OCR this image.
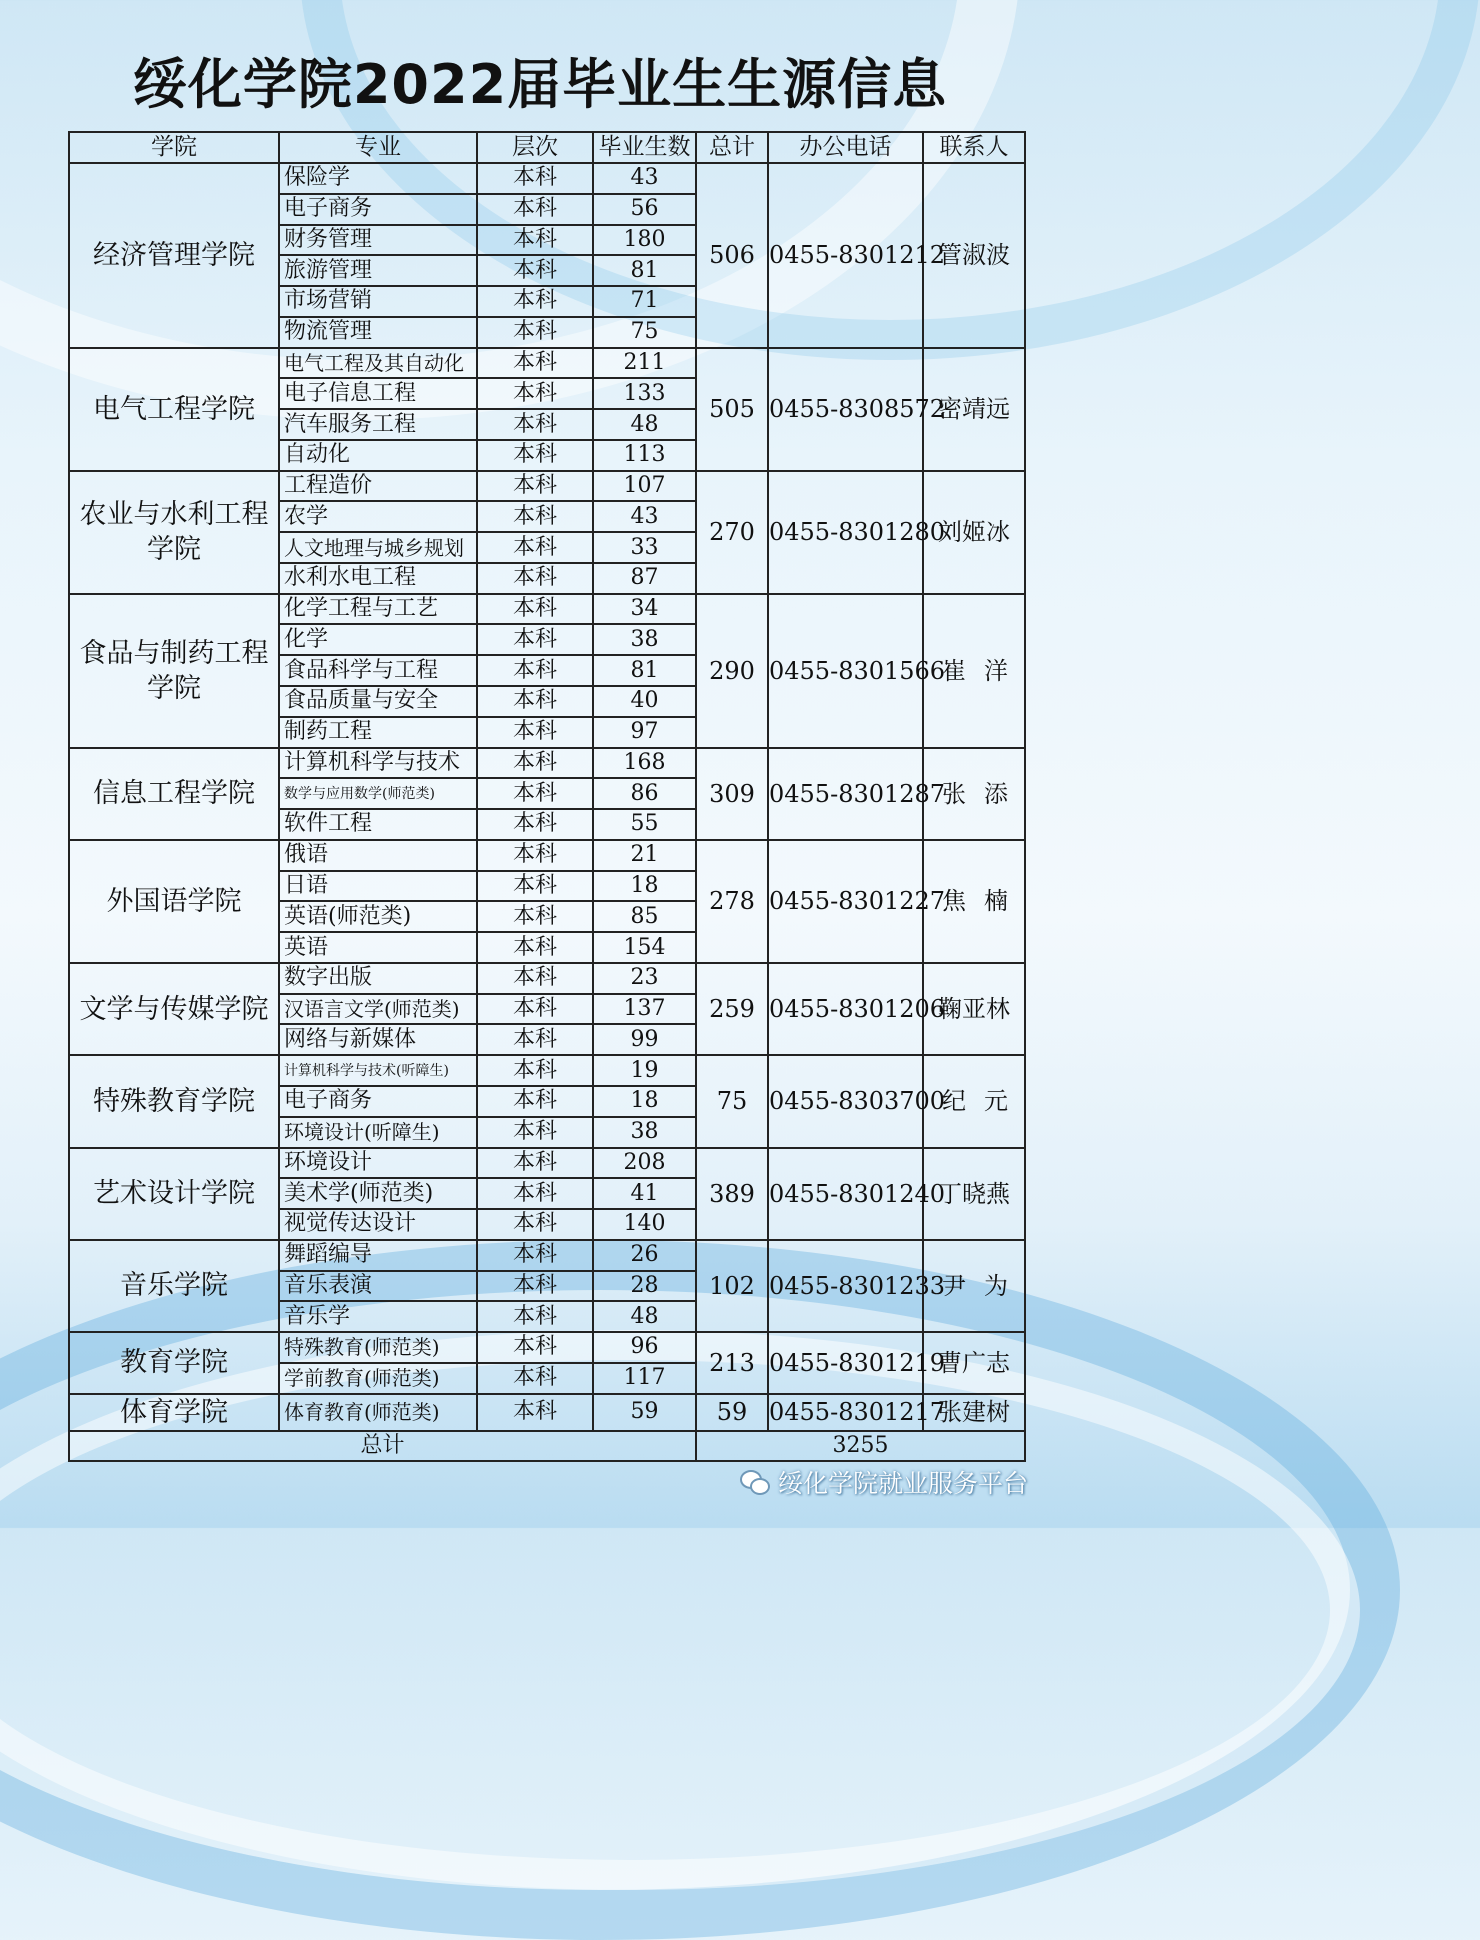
绥化学院2022届毕业生生源信息
学院	专业	层次	毕业生数	总计	办公电话	联系人
经济管理学院	保险学	本科	43	506	0455-8301212	管淑波
	电子商务	本科	56			
	财务管理	本科	180			
	旅游管理	本科	81			
	市场营销	本科	71			
	物流管理	本科	75			
电气工程学院	电气工程及其自动化	本科	211	505	0455-8308572	密靖远
	电子信息工程	本科	133			
	汽车服务工程	本科	48			
	自动化	本科	113			
农业与水利工程学院	工程造价	本科	107	270	0455-8301280	刘姬冰
	农学	本科	43			
	人文地理与城乡规划	本科	33			
	水利水电工程	本科	87			
食品与制药工程学院	化学工程与工艺	本科	34	290	0455-8301566	崔洋
	化学	本科	38			
	食品科学与工程	本科	81			
	食品质量与安全	本科	40			
	制药工程	本科	97			
信息工程学院	计算机科学与技术	本科	168	309	0455-8301287	张添
	数学与应用数学(师范类)	本科	86			
	软件工程	本科	55			
外国语学院	俄语	本科	21	278	0455-8301227	焦楠
	日语	本科	18			
	英语(师范类)	本科	85			
	英语	本科	154			
文学与传媒学院	数字出版	本科	23	259	0455-8301206	鞠亚林
	汉语言文学(师范类)	本科	137			
	网络与新媒体	本科	99			
特殊教育学院	计算机科学与技术(听障生)	本科	19	75	0455-8303700	纪元
	电子商务	本科	18			
	环境设计(听障生)	本科	38			
艺术设计学院	环境设计	本科	208	389	0455-8301240	丁晓燕
	美术学(师范类)	本科	41			
	视觉传达设计	本科	140			
音乐学院	舞蹈编导	本科	26	102	0455-8301233	尹为
	音乐表演	本科	28			
	音乐学	本科	48			
教育学院	特殊教育(师范类)	本科	96	213	0455-8301219	曹广志
	学前教育(师范类)	本科	117			
体育学院	体育教育(师范类)	本科	59	59	0455-8301217	张建树
总计				3255		
绥化学院就业服务平台
